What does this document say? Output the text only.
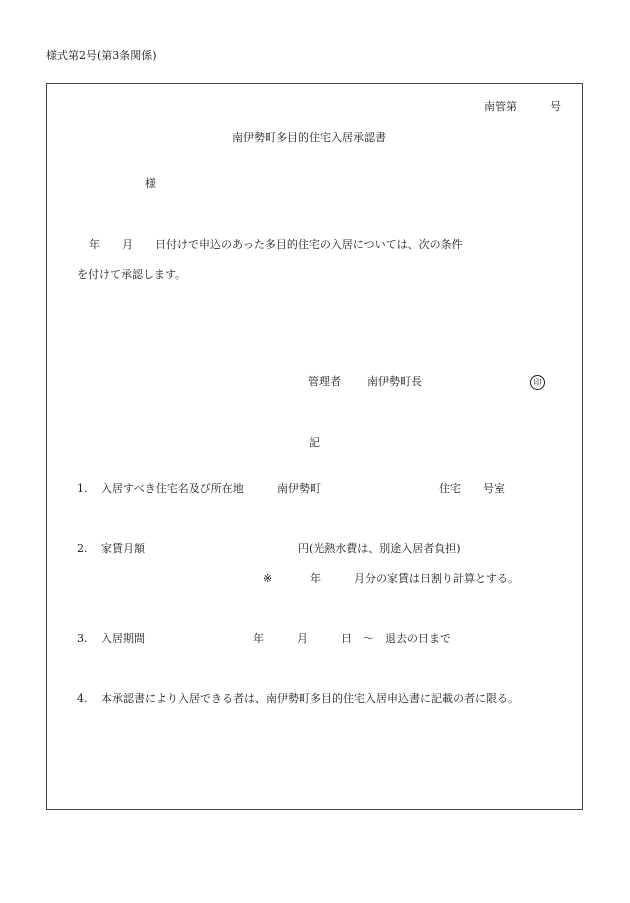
様式第2号(第3条関係)
南管第　　　号
南伊勢町多目的住宅入居承認書
様
年　　月　　日付けで申込のあった多目的住宅の入居については、次の条件
を付けて承認します。
管理者 南伊勢町長	印
記
1. 入居すべき住宅名及び所在地	南伊勢町	住宅　　号室
2. 家賃月額	円(光熱水費は、別途入居者負担)
※	年　　　月分の家賃は日割り計算とする。
3. 入居期間	年　　　月　　　日　～　退去の日まで
4. 本承認書により入居できる者は、南伊勢町多目的住宅入居申込書に記載の者に限る。
